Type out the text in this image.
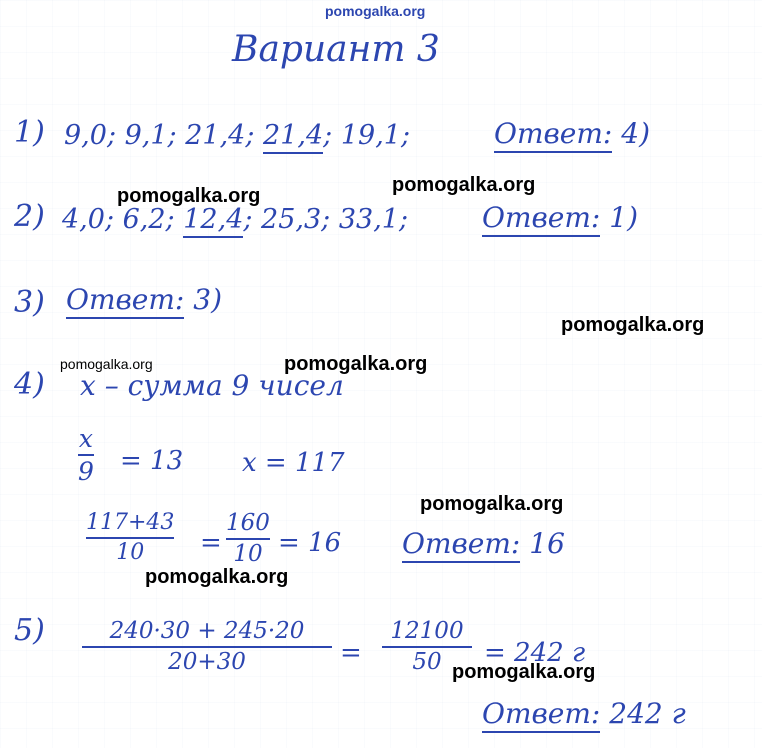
pomogalka.org
Вариант 3
1) 9,0; 9,1; 21,4; 21,4; 19,1;	Ответ: 4)
pomogalka.org	pomogalka.org
2) 4,0; 6,2; 12,4; 25,3; 33,1;	Ответ: 1)
3) Ответ: 3)
pomogalka.org
4)
pomogalka.org	pomogalka.org
x – сумма 9 чисел
x
9 = 13 x = 117
pomogalka.org
117+43
10 =
160
10 = 16 Ответ: 16
pomogalka.org
5)	240·30 + 245·20
20+30	=
12100
50 = 242 г
pomogalka.org
Ответ: 242 г
